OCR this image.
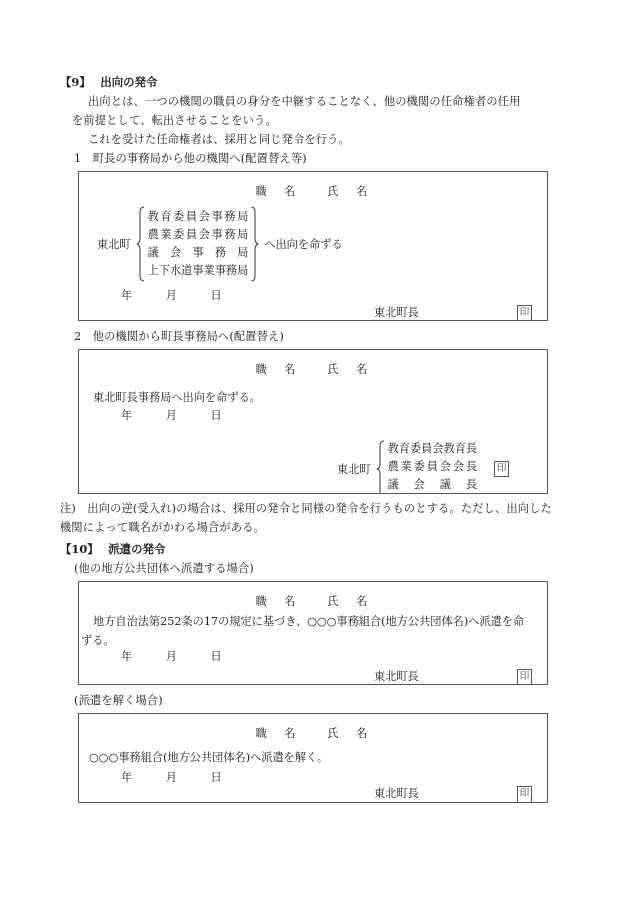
【9】　 出向の発令
出向とは、一つの機関の職員の身分を中継することなく、他の機関の任命権者の任用
を前提として、転出させることをいう。
これを受けた任命権者は、採用と同じ発令を行う。
1　町長の事務局から他の機関へ(配置替え等)
職　名　　氏　名
東北町
教育委員会事務局
農業委員会事務局
議　会　事　務　局
上下水道事業事務局
へ出向を命ずる
年　　　月　　　日
東北町長	印
2　他の機関から町長事務局へ(配置替え)
職　名　　氏　名
東北町長事務局へ出向を命ずる。
年　　　月　　　日
東北町
教育委員会教育長
農業委員会会長
議　会　議　長
印
注)　出向の逆(受入れ)の場合は、採用の発令と同様の発令を行うものとする。ただし、出向した機関によって職名がかわる場合がある。
【10】　 派遣の発令
(他の地方公共団体へ派遣する場合)
職　名　　氏　名
地方自治法第252条の17の規定に基づき、○○○事務組合(地方公共団体名)へ派遣を命
ずる。
年　　　月　　　日
東北町長	印
(派遣を解く場合)
職　名　　氏　名
○○○事務組合(地方公共団体名)へ派遣を解く。
年　　　月　　　日
東北町長	印
